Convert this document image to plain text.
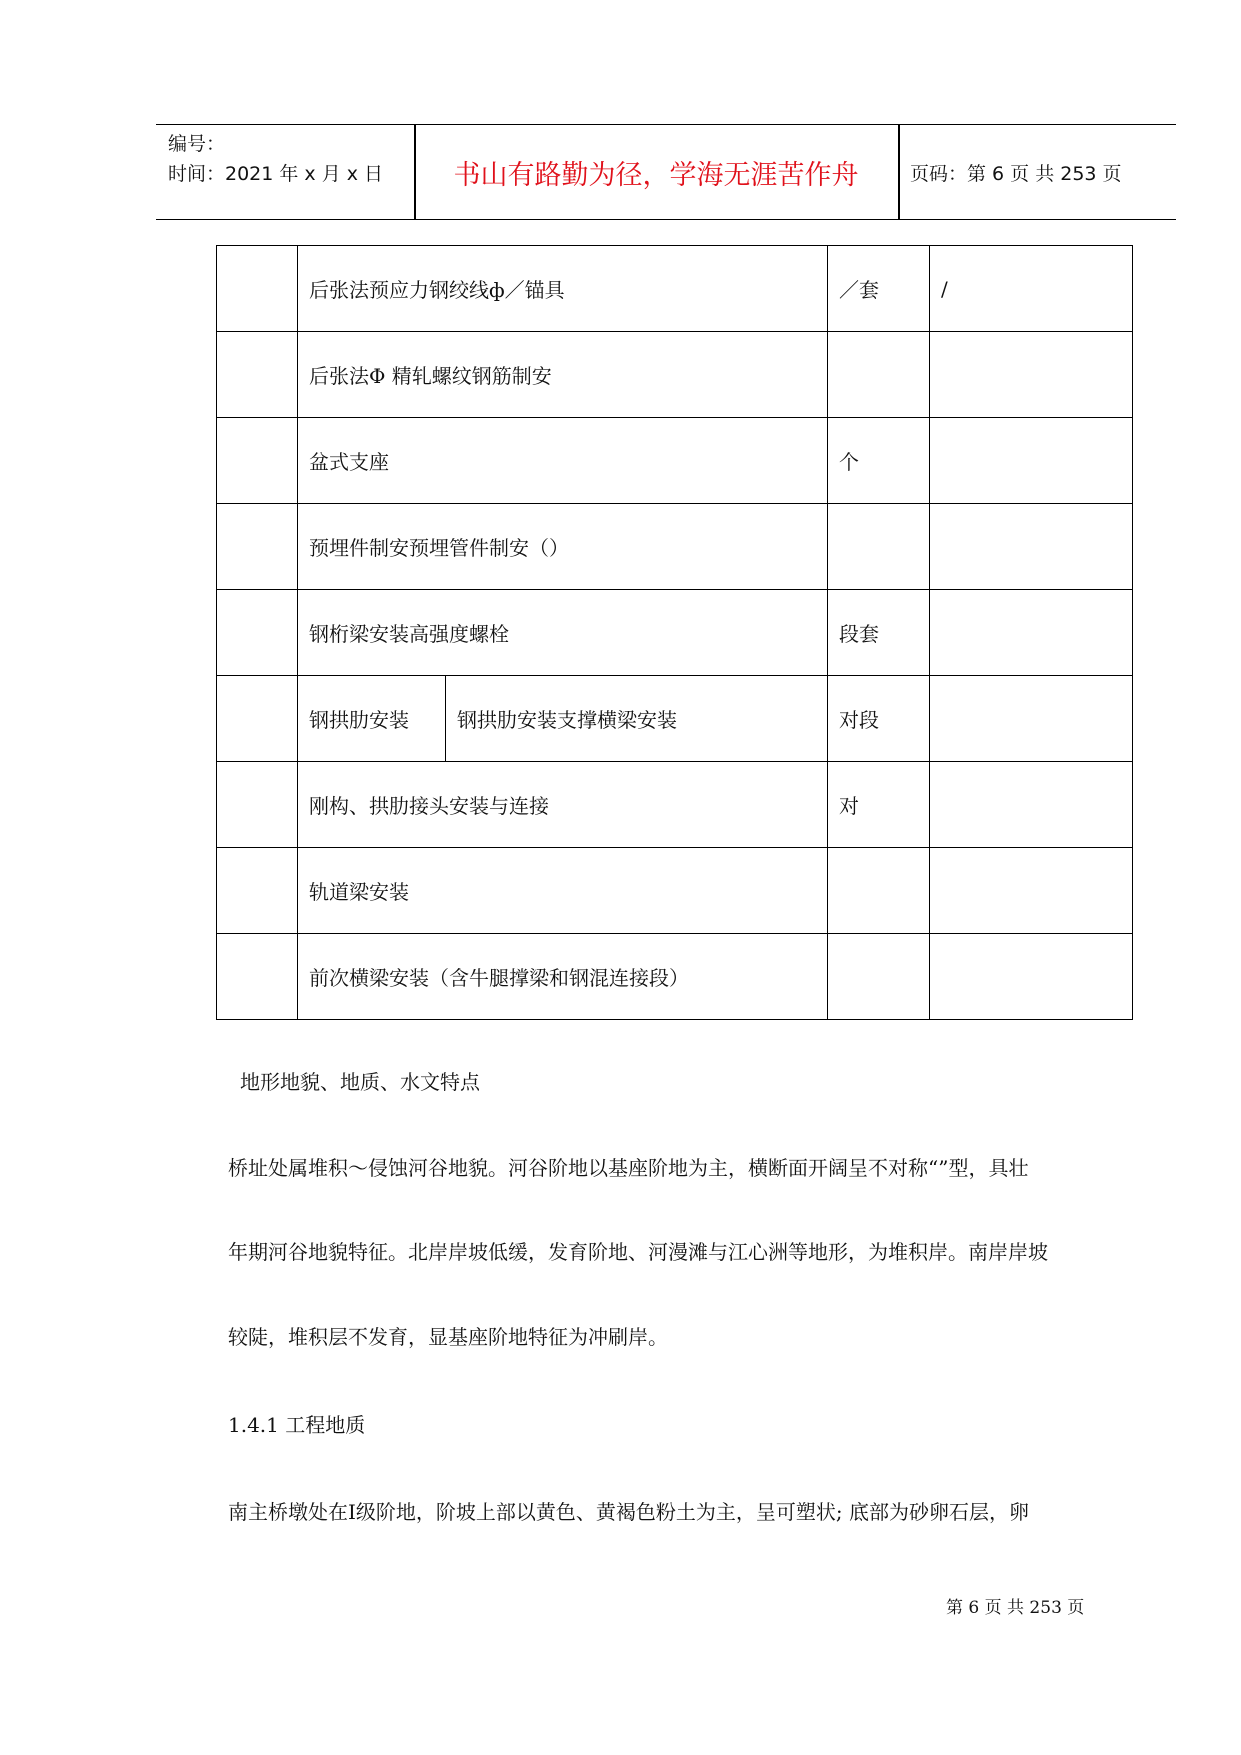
编号：
时间：2021 年 x 月 x 日	书山有路勤为径，学海无涯苦作舟	页码：第 6 页 共 253 页
	后张法预应力钢绞线ф／锚具		／套	/
	后张法Φ 精轧螺纹钢筋制安			
	盆式支座		个	
	预埋件制安预埋管件制安（）			
	钢桁梁安装高强度螺栓		段套	
	钢拱肋安装	钢拱肋安装支撑横梁安装	对段	
	刚构、拱肋接头安装与连接		对	
	轨道梁安装			
	前次横梁安装（含牛腿撑梁和钢混连接段）			
地形地貌、地质、水文特点
桥址处属堆积～侵蚀河谷地貌。河谷阶地以基座阶地为主，横断面开阔呈不对称“”型，具壮
年期河谷地貌特征。北岸岸坡低缓，发育阶地、河漫滩与江心洲等地形，为堆积岸。南岸岸坡
较陡，堆积层不发育，显基座阶地特征为冲刷岸。
1.4.1 工程地质
南主桥墩处在Ⅰ级阶地，阶坡上部以黄色、黄褐色粉土为主，呈可塑状; 底部为砂卵石层，卵
第 6 页 共 253 页
